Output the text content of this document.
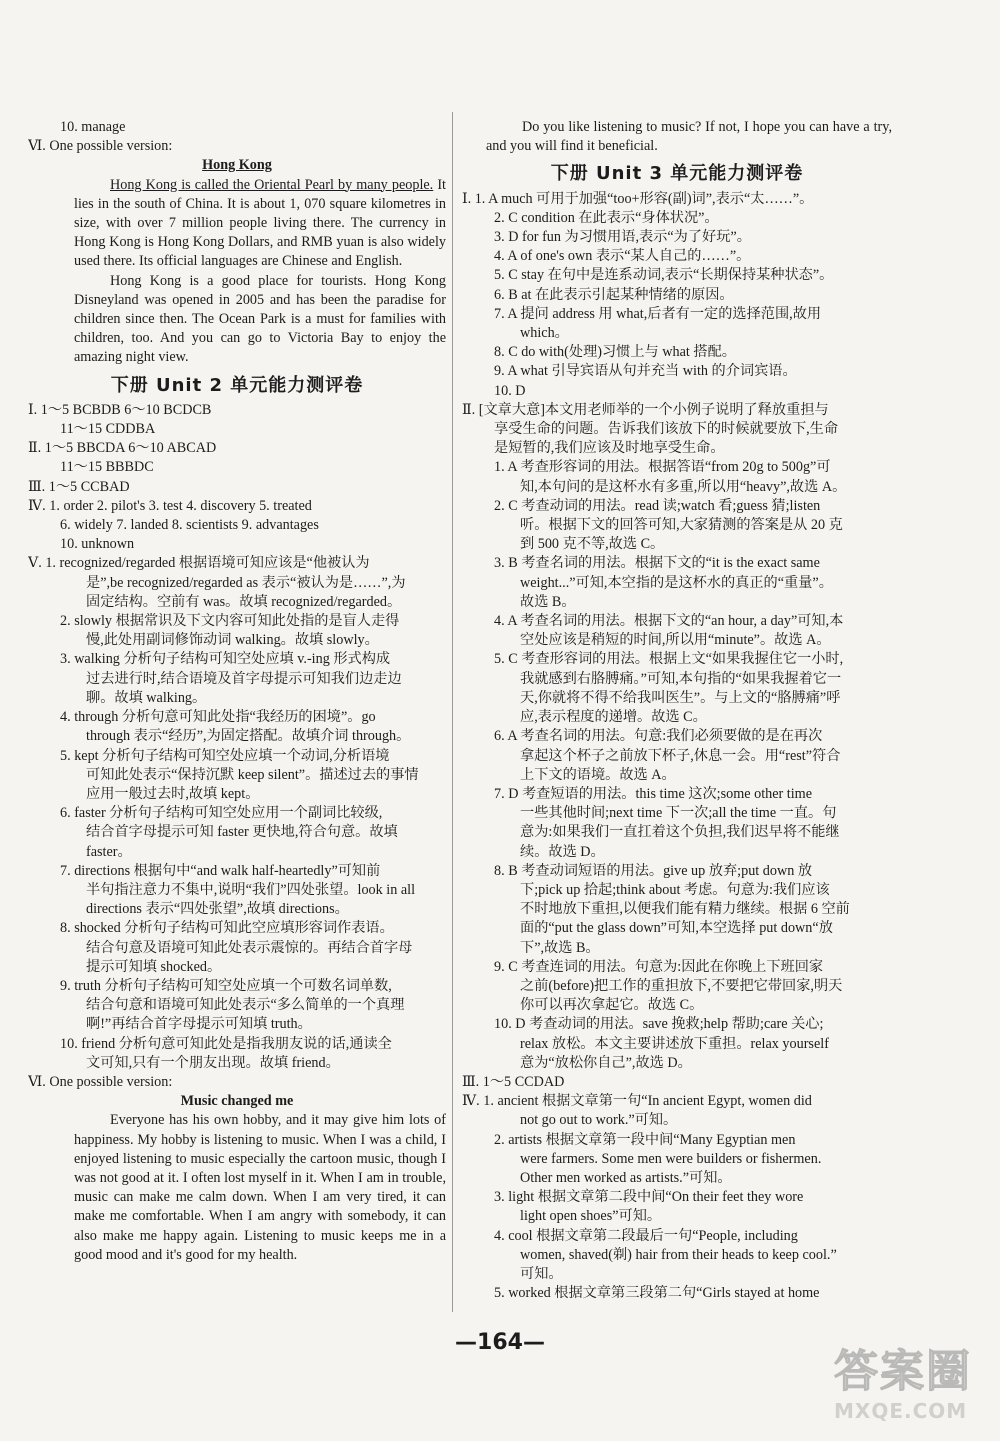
10. manage
Ⅵ. One possible version:
Hong Kong

Hong Kong is called the Oriental Pearl by many people. It lies in the south of China. It is about 1, 070 square kilometres in size, with over 7 million people living there. The currency in Hong Kong is Hong Kong Dollars, and RMB yuan is also widely used there. Its official languages are Chinese and English.

Hong Kong is a good place for tourists. Hong Kong Disneyland was opened in 2005 and has been the paradise for children since then. The Ocean Park is a must for families with children, too. And you can go to Victoria Bay to enjoy the amazing night view.

下册 Unit 2 单元能力测评卷
Ⅰ. 1～5 BCBDB 6～10 BCDCB
11～15 CDDBA
Ⅱ. 1～5 BBCDA 6～10 ABCAD
11～15 BBBDC
Ⅲ. 1～5 CCBAD
Ⅳ. 1. order 2. pilot's 3. test 4. discovery 5. treated
6. widely 7. landed 8. scientists 9. advantages
10. unknown
Ⅴ. 1. recognized/regarded 根据语境可知应该是“他被认为
是”,be recognized/regarded as 表示“被认为是……”,为
固定结构。空前有 was。故填 recognized/regarded。
2. slowly 根据常识及下文内容可知此处指的是盲人走得
慢,此处用副词修饰动词 walking。故填 slowly。
3. walking 分析句子结构可知空处应填 v.-ing 形式构成
过去进行时,结合语境及首字母提示可知我们边走边
聊。故填 walking。
4. through 分析句意可知此处指“我经历的困境”。go
through 表示“经历”,为固定搭配。故填介词 through。
5. kept 分析句子结构可知空处应填一个动词,分析语境
可知此处表示“保持沉默 keep silent”。描述过去的事情
应用一般过去时,故填 kept。
6. faster 分析句子结构可知空处应用一个副词比较级,
结合首字母提示可知 faster 更快地,符合句意。故填
faster。
7. directions 根据句中“and walk half-heartedly”可知前
半句指注意力不集中,说明“我们”四处张望。look in all
directions 表示“四处张望”,故填 directions。
8. shocked 分析句子结构可知此空应填形容词作表语。
结合句意及语境可知此处表示震惊的。再结合首字母
提示可知填 shocked。
9. truth 分析句子结构可知空处应填一个可数名词单数,
结合句意和语境可知此处表示“多么简单的一个真理
啊!”再结合首字母提示可知填 truth。
10. friend 分析句意可知此处是指我朋友说的话,通读全
文可知,只有一个朋友出现。故填 friend。
Ⅵ. One possible version:
Music changed me

Everyone has his own hobby, and it may give him lots of happiness. My hobby is listening to music. When I was a child, I enjoyed listening to music especially the cartoon music, though I was not good at it. I often lost myself in it. When I am in trouble, music can make me calm down. When I am very tired, it can make me comfortable. When I am angry with somebody, it can also make me happy again. Listening to music keeps me in a good mood and it's good for my health.

Do you like listening to music? If not, I hope you can have a try, and you will find it beneficial.

下册 Unit 3 单元能力测评卷
Ⅰ. 1. A much 可用于加强“too+形容(副)词”,表示“太……”。
2. C condition 在此表示“身体状况”。
3. D for fun 为习惯用语,表示“为了好玩”。
4. A of one's own 表示“某人自己的……”。
5. C stay 在句中是连系动词,表示“长期保持某种状态”。
6. B at 在此表示引起某种情绪的原因。
7. A 提问 address 用 what,后者有一定的选择范围,故用
which。
8. C do with(处理)习惯上与 what 搭配。
9. A what 引导宾语从句并充当 with 的介词宾语。
10. D
Ⅱ. [文章大意]本文用老师举的一个小例子说明了释放重担与
享受生命的问题。告诉我们该放下的时候就要放下,生命
是短暂的,我们应该及时地享受生命。
1. A 考查形容词的用法。根据答语“from 20g to 500g”可
知,本句问的是这杯水有多重,所以用“heavy”,故选 A。
2. C 考查动词的用法。read 读;watch 看;guess 猜;listen
听。根据下文的回答可知,大家猜测的答案是从 20 克
到 500 克不等,故选 C。
3. B 考查名词的用法。根据下文的“it is the exact same
weight...”可知,本空指的是这杯水的真正的“重量”。
故选 B。
4. A 考查名词的用法。根据下文的“an hour, a day”可知,本
空处应该是稍短的时间,所以用“minute”。故选 A。
5. C 考查形容词的用法。根据上文“如果我握住它一小时,
我就感到右胳膊痛。”可知,本句指的“如果我握着它一
天,你就将不得不给我叫医生”。与上文的“胳膊痛”呼
应,表示程度的递增。故选 C。
6. A 考查名词的用法。句意:我们必须要做的是在再次
拿起这个杯子之前放下杯子,休息一会。用“rest”符合
上下文的语境。故选 A。
7. D 考查短语的用法。this time 这次;some other time
一些其他时间;next time 下一次;all the time 一直。句
意为:如果我们一直扛着这个负担,我们迟早将不能继
续。故选 D。
8. B 考查动词短语的用法。give up 放弃;put down 放
下;pick up 拾起;think about 考虑。句意为:我们应该
不时地放下重担,以便我们能有精力继续。根据 6 空前
面的“put the glass down”可知,本空选择 put down“放
下”,故选 B。
9. C 考查连词的用法。句意为:因此在你晚上下班回家
之前(before)把工作的重担放下,不要把它带回家,明天
你可以再次拿起它。故选 C。
10. D 考查动词的用法。save 挽救;help 帮助;care 关心;
relax 放松。本文主要讲述放下重担。relax yourself
意为“放松你自己”,故选 D。
Ⅲ. 1～5 CCDAD
Ⅳ. 1. ancient 根据文章第一句“In ancient Egypt, women did
not go out to work.”可知。
2. artists 根据文章第一段中间“Many Egyptian men
were farmers. Some men were builders or fishermen.
Other men worked as artists.”可知。
3. light 根据文章第二段中间“On their feet they wore
light open shoes”可知。
4. cool 根据文章第二段最后一句“People, including
women, shaved(剃) hair from their heads to keep cool.”
可知。
5. worked 根据文章第三段第二句“Girls stayed at home
—164—
答案圈
MXQE.COM
